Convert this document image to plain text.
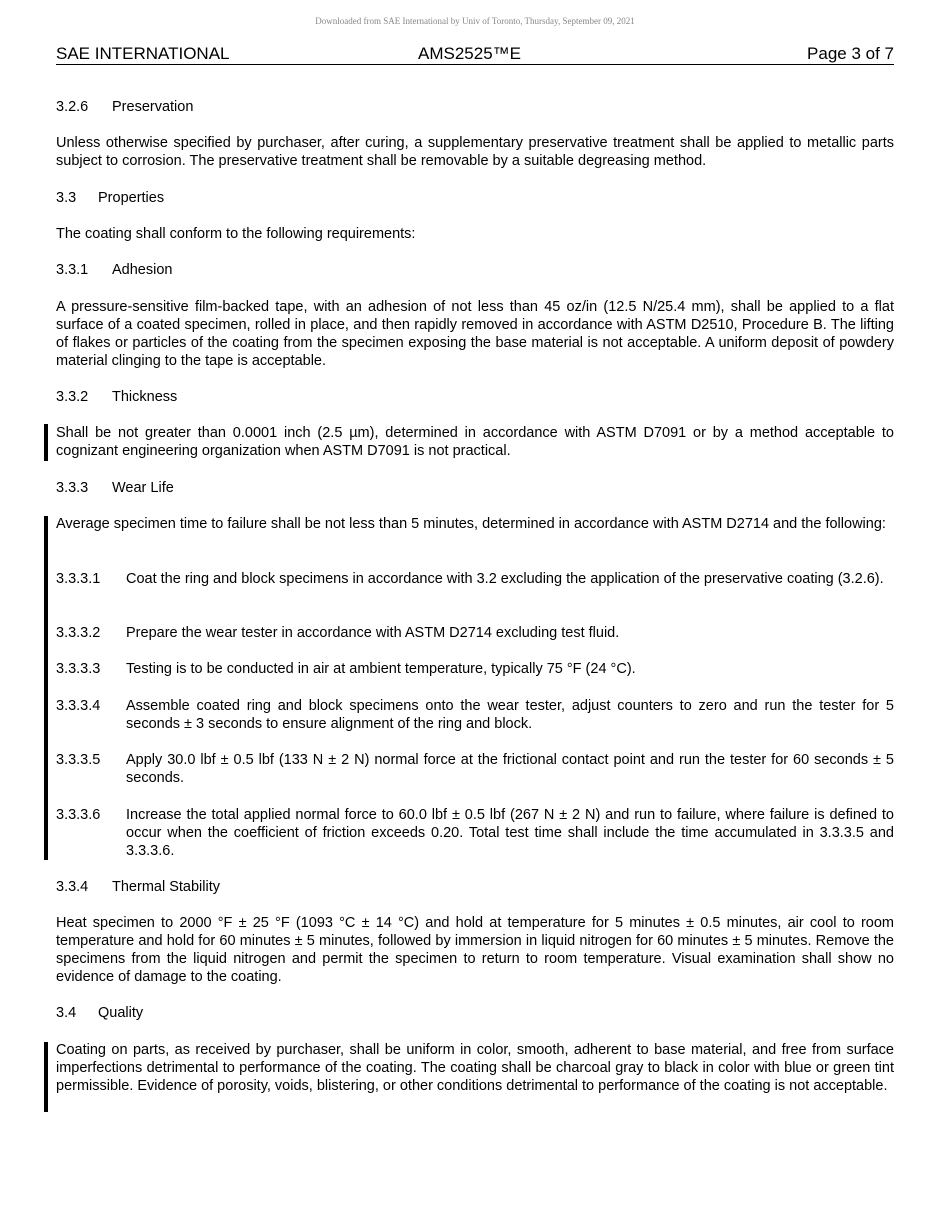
Downloaded from SAE International by Univ of Toronto, Thursday, September 09, 2021
SAE INTERNATIONAL	AMS2525™E	Page 3 of 7
3.2.6 Preservation
Unless otherwise specified by purchaser, after curing, a supplementary preservative treatment shall be applied to metallic parts subject to corrosion. The preservative treatment shall be removable by a suitable degreasing method.
3.3 Properties
The coating shall conform to the following requirements:
3.3.1 Adhesion
A pressure-sensitive film-backed tape, with an adhesion of not less than 45 oz/in (12.5 N/25.4 mm), shall be applied to a flat surface of a coated specimen, rolled in place, and then rapidly removed in accordance with ASTM D2510, Procedure B. The lifting of flakes or particles of the coating from the specimen exposing the base material is not acceptable. A uniform deposit of powdery material clinging to the tape is acceptable.
3.3.2 Thickness
Shall be not greater than 0.0001 inch (2.5 µm), determined in accordance with ASTM D7091 or by a method acceptable to cognizant engineering organization when ASTM D7091 is not practical.
3.3.3 Wear Life
Average specimen time to failure shall be not less than 5 minutes, determined in accordance with ASTM D2714 and the following:
3.3.3.1 Coat the ring and block specimens in accordance with 3.2 excluding the application of the preservative coating (3.2.6).
3.3.3.2 Prepare the wear tester in accordance with ASTM D2714 excluding test fluid.
3.3.3.3 Testing is to be conducted in air at ambient temperature, typically 75 °F (24 °C).
3.3.3.4 Assemble coated ring and block specimens onto the wear tester, adjust counters to zero and run the tester for 5 seconds ± 3 seconds to ensure alignment of the ring and block.
3.3.3.5 Apply 30.0 lbf ± 0.5 lbf (133 N ± 2 N) normal force at the frictional contact point and run the tester for 60 seconds ± 5 seconds.
3.3.3.6 Increase the total applied normal force to 60.0 lbf ± 0.5 lbf (267 N ± 2 N) and run to failure, where failure is defined to occur when the coefficient of friction exceeds 0.20. Total test time shall include the time accumulated in 3.3.3.5 and 3.3.3.6.
3.3.4 Thermal Stability
Heat specimen to 2000 °F ± 25 °F (1093 °C ± 14 °C) and hold at temperature for 5 minutes ± 0.5 minutes, air cool to room temperature and hold for 60 minutes ± 5 minutes, followed by immersion in liquid nitrogen for 60 minutes ± 5 minutes. Remove the specimens from the liquid nitrogen and permit the specimen to return to room temperature. Visual examination shall show no evidence of damage to the coating.
3.4 Quality
Coating on parts, as received by purchaser, shall be uniform in color, smooth, adherent to base material, and free from surface imperfections detrimental to performance of the coating. The coating shall be charcoal gray to black in color with blue or green tint permissible. Evidence of porosity, voids, blistering, or other conditions detrimental to performance of the coating is not acceptable.
